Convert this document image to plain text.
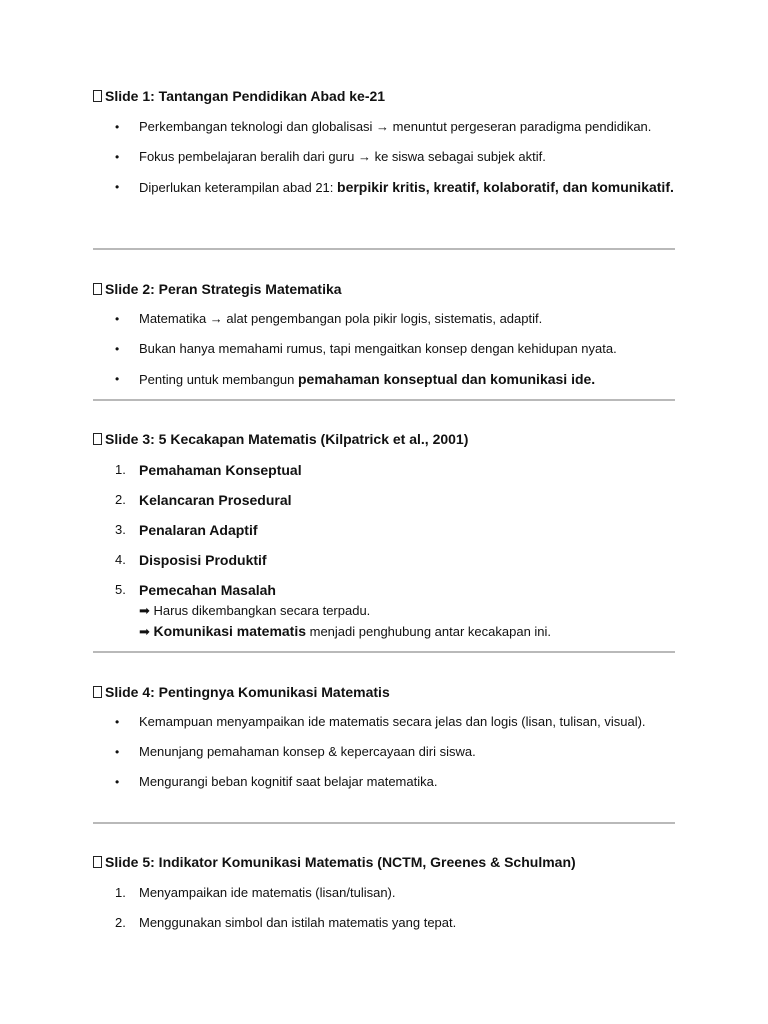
Slide 1: Tantangan Pendidikan Abad ke-21

•
Perkembangan teknologi dan globalisasi → menuntut pergeseran paradigma pendidikan.
•
Fokus pembelajaran beralih dari guru → ke siswa sebagai subjek aktif.
•
Diperlukan keterampilan abad 21: berpikir kritis, kreatif, kolaboratif, dan komunikatif.

Slide 2: Peran Strategis Matematika

•
Matematika → alat pengembangan pola pikir logis, sistematis, adaptif.
•
Bukan hanya memahami rumus, tapi mengaitkan konsep dengan kehidupan nyata.
•
Penting untuk membangun pemahaman konseptual dan komunikasi ide.

Slide 3: 5 Kecakapan Matematis (Kilpatrick et al., 2001)

1. Pemahaman Konseptual
2. Kelancaran Prosedural
3. Penalaran Adaptif
4. Disposisi Produktif
5. Pemecahan Masalah
➡ Harus dikembangkan secara terpadu.
➡ Komunikasi matematis menjadi penghubung antar kecakapan ini.

Slide 4: Pentingnya Komunikasi Matematis

•
Kemampuan menyampaikan ide matematis secara jelas dan logis (lisan, tulisan, visual).
•
Menunjang pemahaman konsep & kepercayaan diri siswa.
•
Mengurangi beban kognitif saat belajar matematika.

Slide 5: Indikator Komunikasi Matematis (NCTM, Greenes & Schulman)

1.	Menyampaikan ide matematis (lisan/tulisan).
2.	Menggunakan simbol dan istilah matematis yang tepat.
